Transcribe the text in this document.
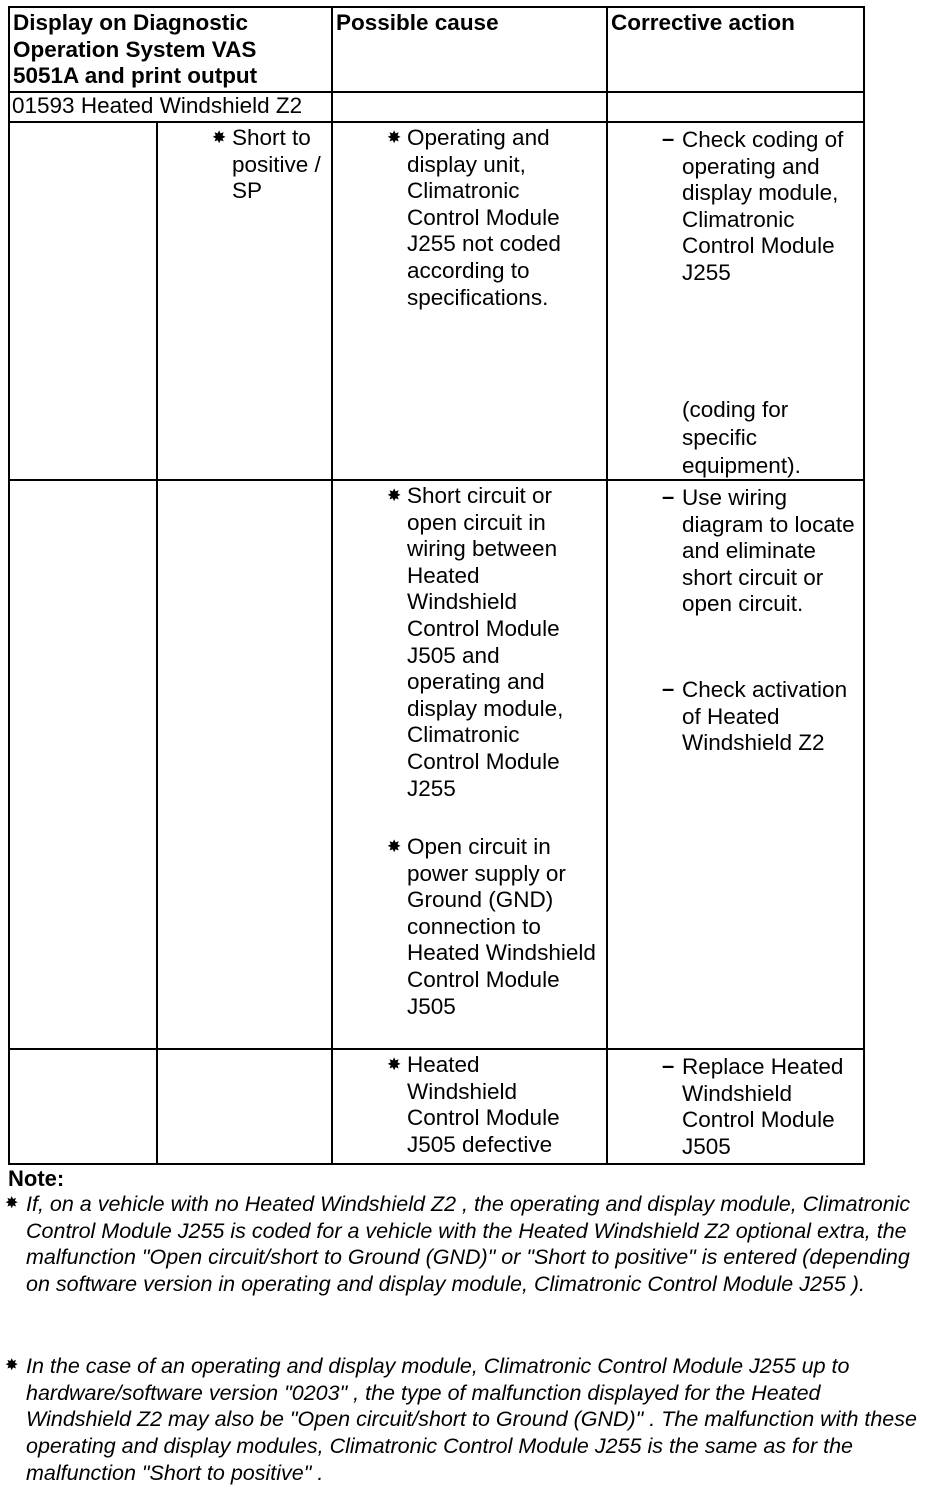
Display on Diagnostic Operation System VAS 5051A and print output
Possible cause	Corrective action
01593 Heated Windshield Z2
✸ Short to positive / SP
✸ Operating and display unit, Climatronic Control Module J255 not coded according to specifications.
– Check coding of operating and display module, Climatronic Control Module J255
(coding for specific equipment).
✸ Short circuit or open circuit in wiring between Heated Windshield Control Module J505 and operating and display module, Climatronic Control Module J255
✸ Open circuit in power supply or Ground (GND) connection to Heated Windshield Control Module J505
– Use wiring diagram to locate and eliminate short circuit or open circuit.
– Check activation of Heated Windshield Z2
✸ Heated Windshield Control Module J505 defective
– Replace Heated Windshield Control Module J505
Note:
✸ If, on a vehicle with no Heated Windshield Z2 , the operating and display module, Climatronic Control Module J255 is coded for a vehicle with the Heated Windshield Z2 optional extra, the malfunction "Open circuit/short to Ground (GND)" or "Short to positive" is entered (depending on software version in operating and display module, Climatronic Control Module J255 ).
✸ In the case of an operating and display module, Climatronic Control Module J255 up to hardware/software version "0203" , the type of malfunction displayed for the Heated Windshield Z2 may also be "Open circuit/short to Ground (GND)" . The malfunction with these operating and display modules, Climatronic Control Module J255 is the same as for the malfunction "Short to positive" .
